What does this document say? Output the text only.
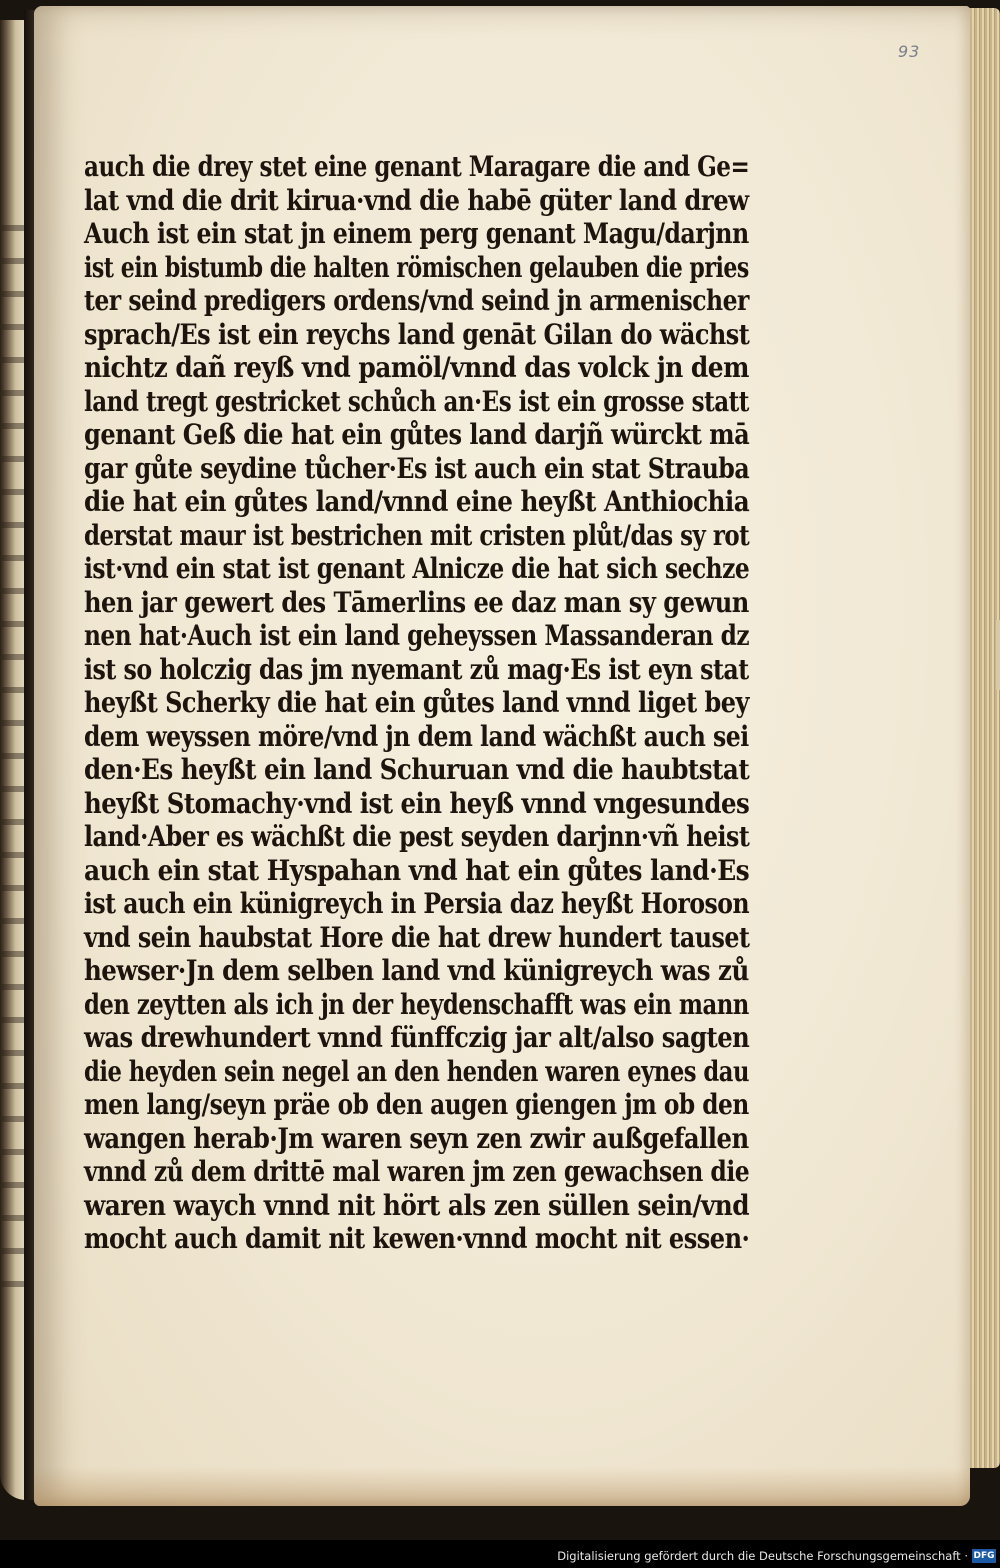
93
auch die drey stet eine genant Maragare die and Ge=
lat vnd die drit kirua·vnd die habē güter land drew
Auch ist ein stat jn einem perg genant Magu/darjnn
ist ein bistumb die halten römischen gelauben die pries
ter seind predigers ordens/vnd seind jn armenischer
sprach/Es ist ein reychs land genāt Gilan do wächst
nichtz dañ reyß vnd pamöl/vnnd das volck jn dem
land tregt gestricket schůch an·Es ist ein grosse statt
genant Geß die hat ein gůtes land darjñ würckt mā
gar gůte seydine tůcher·Es ist auch ein stat Strauba
die hat ein gůtes land/vnnd eine heyßt Anthiochia
derstat maur ist bestrichen mit cristen plůt/das sy rot
ist·vnd ein stat ist genant Alnicze die hat sich sechze
hen jar gewert des Tāmerlins ee daz man sy gewun
nen hat·Auch ist ein land geheyssen Massanderan dz
ist so holczig das jm nyemant zů mag·Es ist eyn stat
heyßt Scherky die hat ein gůtes land vnnd liget bey
dem weyssen möre/vnd jn dem land wächßt auch sei
den·Es heyßt ein land Schuruan vnd die haubtstat
heyßt Stomachy·vnd ist ein heyß vnnd vngesundes
land·Aber es wächßt die pest seyden darjnn·vñ heist
auch ein stat Hyspahan vnd hat ein gůtes land·Es
ist auch ein künigreych in Persia daz heyßt Horoson
vnd sein haubstat Hore die hat drew hundert tauset
hewser·Jn dem selben land vnd künigreych was zů
den zeytten als ich jn der heydenschafft was ein mann
was drewhundert vnnd fünffczig jar alt/also sagten
die heyden sein negel an den henden waren eynes dau
men lang/seyn präe ob den augen giengen jm ob den
wangen herab·Jm waren seyn zen zwir außgefallen
vnnd zů dem drittē mal waren jm zen gewachsen die
waren waych vnnd nit hört als zen süllen sein/vnd
mocht auch damit nit kewen·vnnd mocht nit essen·
Digitalisierung gefördert durch die Deutsche Forschungsgemeinschaft · DFG
